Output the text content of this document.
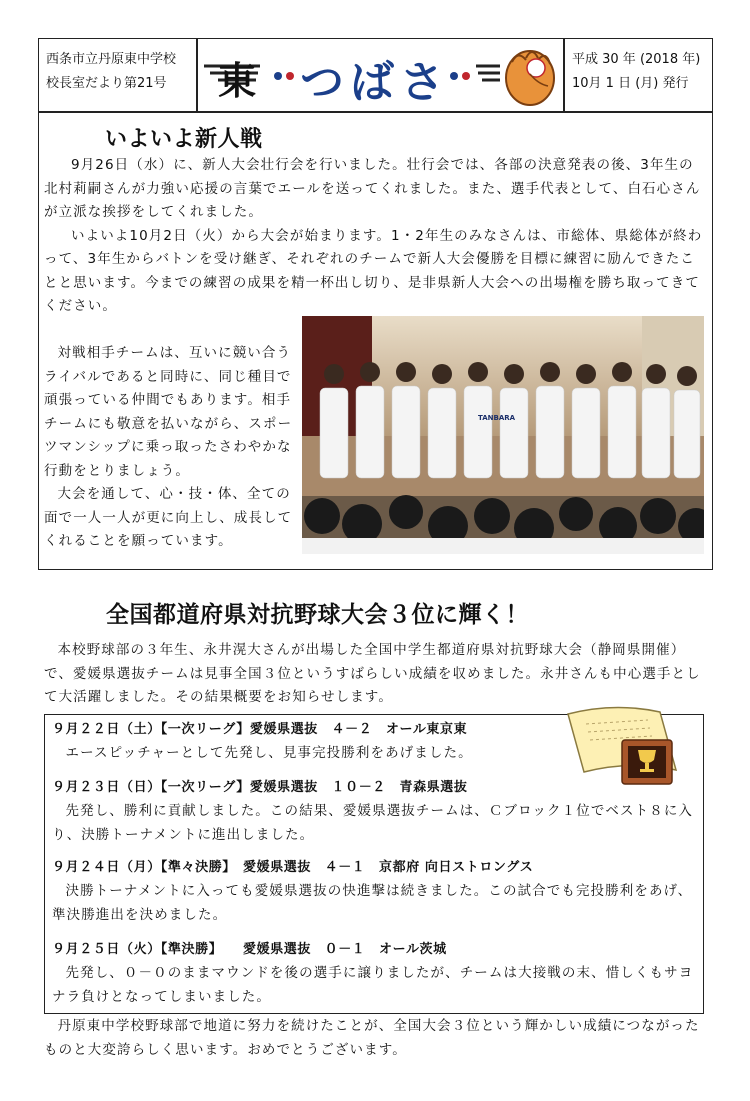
西条市立丹原東中学校
校長室だより第21号 東 つばさ	平成 30 年 (2018 年)
10月 1 日 (月) 発行
いよいよ新人戦

9月26日（水）に、新人大会壮行会を行いました。壮行会では、各部の決意発表の後、3年生の北村莉嗣さんが力強い応援の言葉でエールを送ってくれました。また、選手代表として、白石心さんが立派な挨拶をしてくれました。

いよいよ10月2日（火）から大会が始まります。1・2年生のみなさんは、市総体、県総体が終わって、3年生からバトンを受け継ぎ、それぞれのチームで新人大会優勝を目標に練習に励んできたことと思います。今までの練習の成果を精一杯出し切り、是非県新人大会への出場権を勝ち取ってきてください。

対戦相手チームは、互いに競い合うライバルであると同時に、同じ種目で頑張っている仲間でもあります。相手チームにも敬意を払いながら、スポーツマンシップに乗っ取ったさわやかな行動をとりましょう。

大会を通して、心・技・体、全ての面で一人一人が更に向上し、成長してくれることを願っています。

TANBARA
全国都道府県対抗野球大会３位に輝く！

本校野球部の３年生、永井滉大さんが出場した全国中学生都道府県対抗野球大会（静岡県開催）で、愛媛県選抜チームは見事全国３位というすばらしい成績を収めました。永井さんも中心選手として大活躍しました。その結果概要をお知らせします。

９月２２日（土）【一次リーグ】愛媛県選抜　４－２　オール東京東
エースピッチャーとして先発し、見事完投勝利をあげました。
９月２３日（日）【一次リーグ】愛媛県選抜　１０－２　青森県選抜
先発し、勝利に貢献しました。この結果、愛媛県選抜チームは、Ｃブロック１位でベスト８に入り、決勝トーナメントに進出しました。
９月２４日（月）【準々決勝】　愛媛県選抜　４－１　京都府 向日ストロングス
決勝トーナメントに入っても愛媛県選抜の快進撃は続きました。この試合でも完投勝利をあげ、準決勝進出を決めました。
９月２５日（火）【準決勝】　　愛媛県選抜　０－１　オール茨城
先発し、０－０のままマウンドを後の選手に譲りましたが、チームは大接戦の末、惜しくもサヨナラ負けとなってしまいました。

丹原東中学校野球部で地道に努力を続けたことが、全国大会３位という輝かしい成績につながったものと大変誇らしく思います。おめでとうございます。
